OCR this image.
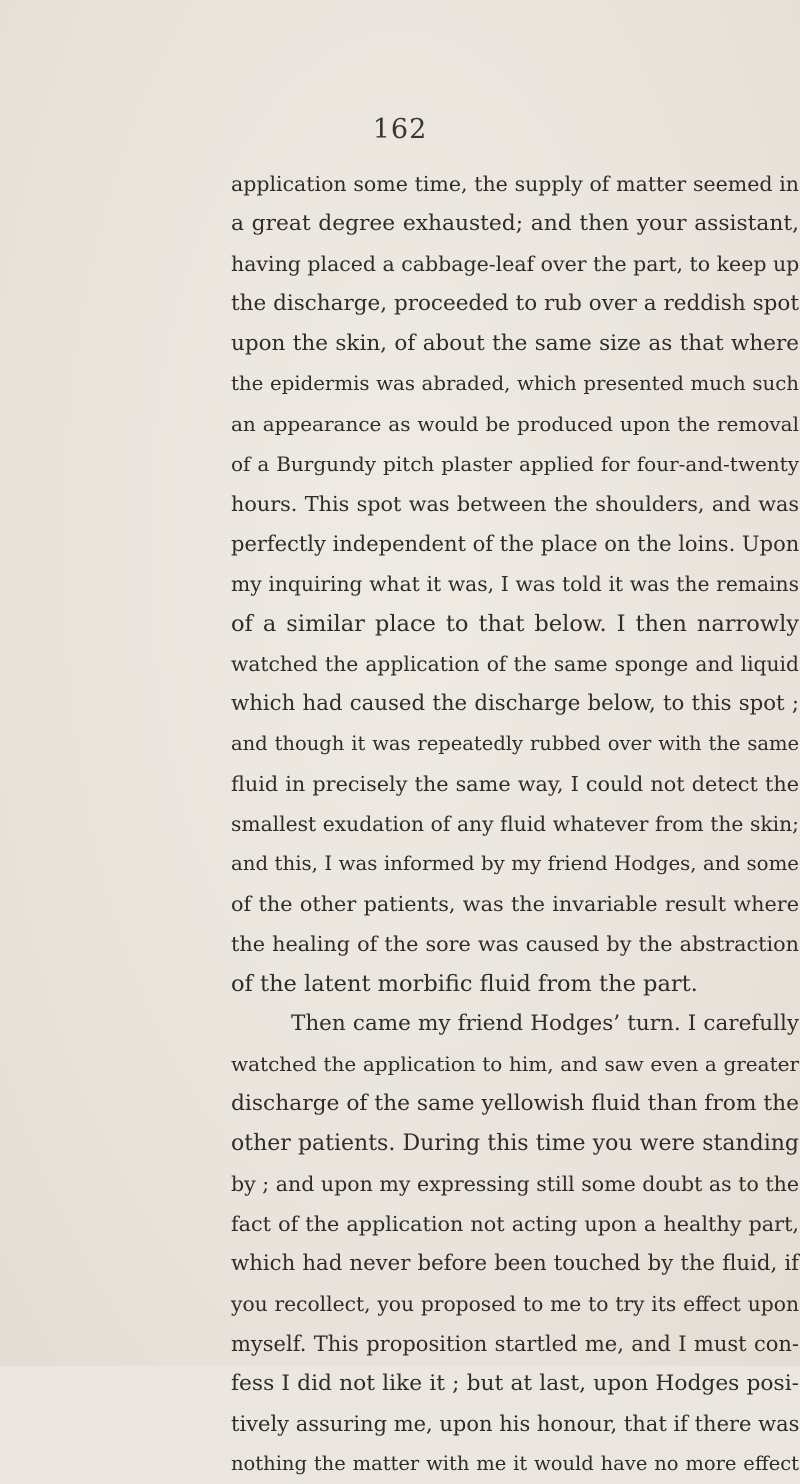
162
application some time, the supply of matter seemed in
a great degree exhausted; and then your assistant,
having placed a cabbage-leaf over the part, to keep up
the discharge, proceeded to rub over a reddish spot
upon the skin, of about the same size as that where
the epidermis was abraded, which presented much such
an appearance as would be produced upon the removal
of a Burgundy pitch plaster applied for four-and-twenty
hours. This spot was between the shoulders, and was
perfectly independent of the place on the loins. Upon
my inquiring what it was, I was told it was the remains
of a similar place to that below. I then narrowly
watched the application of the same sponge and liquid
which had caused the discharge below, to this spot ;
and though it was repeatedly rubbed over with the same
fluid in precisely the same way, I could not detect the
smallest exudation of any fluid whatever from the skin;
and this, I was informed by my friend Hodges, and some
of the other patients, was the invariable result where
the healing of the sore was caused by the abstraction
of the latent morbific fluid from the part.
Then came my friend Hodges’ turn. I carefully
watched the application to him, and saw even a greater
discharge of the same yellowish fluid than from the
other patients. During this time you were standing
by ; and upon my expressing still some doubt as to the
fact of the application not acting upon a healthy part,
which had never before been touched by the fluid, if
you recollect, you proposed to me to try its effect upon
myself. This proposition startled me, and I must con-
fess I did not like it ; but at last, upon Hodges posi-
tively assuring me, upon his honour, that if there was
nothing the matter with me it would have no more effect
